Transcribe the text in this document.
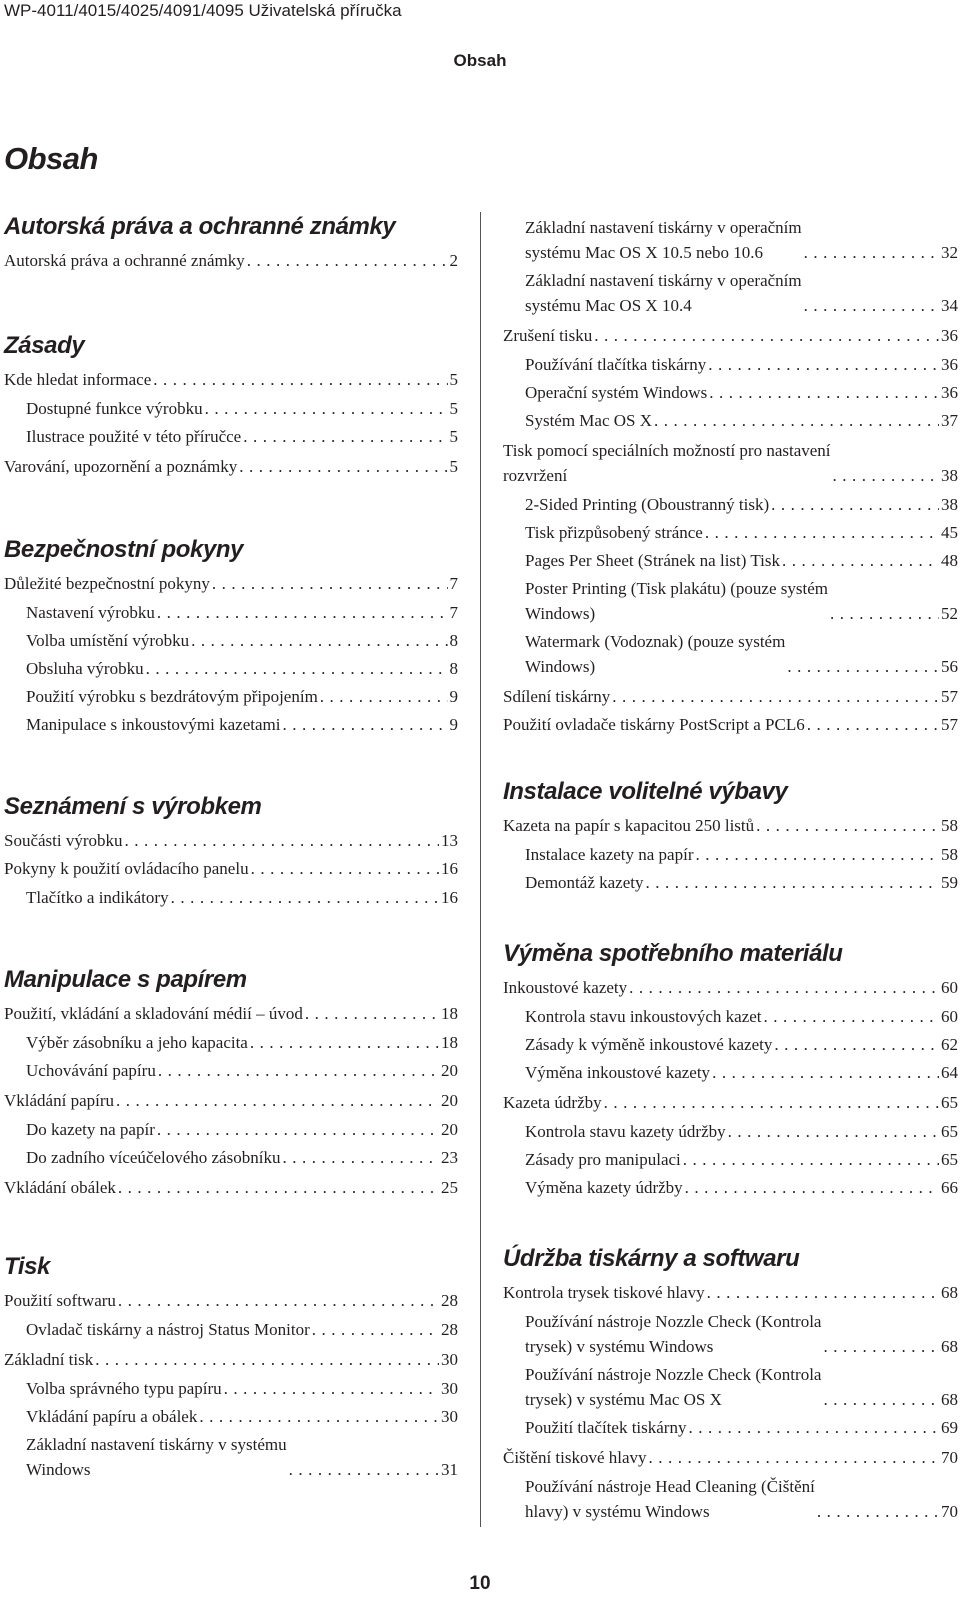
WP-4011/4015/4025/4091/4095 Uživatelská příručka
Obsah
Obsah
Autorská práva a ochranné známky
Autorská práva a ochranné známky .....	2
Zásady
Kde hledat informace .....	5
Dostupné funkce výrobku .....	5
Ilustrace použité v této příručce .....	5
Varování, upozornění a poznámky .....	5
Bezpečnostní pokyny
Důležité bezpečnostní pokyny .....	7
Nastavení výrobku .....	7
Volba umístění výrobku .....	8
Obsluha výrobku .....	8
Použití výrobku s bezdrátovým připojením .....	9
Manipulace s inkoustovými kazetami .....	9
Seznámení s výrobkem
Součásti výrobku .....	13
Pokyny k použití ovládacího panelu .....	16
Tlačítko a indikátory .....	16
Manipulace s papírem
Použití, vkládání a skladování médií – úvod .....	18
Výběr zásobníku a jeho kapacita .....	18
Uchovávání papíru .....	20
Vkládání papíru .....	20
Do kazety na papír .....	20
Do zadního víceúčelového zásobníku .....	23
Vkládání obálek .....	25
Tisk
Použití softwaru .....	28
Ovladač tiskárny a nástroj Status Monitor .....	28
Základní tisk .....	30
Volba správného typu papíru .....	30
Vkládání papíru a obálek .....	30
Základní nastavení tiskárny v systému
Windows .....	31
Základní nastavení tiskárny v operačním
systému Mac OS X 10.5 nebo 10.6 .....	32
Základní nastavení tiskárny v operačním
systému Mac OS X 10.4 .....	34
Zrušení tisku .....	36
Používání tlačítka tiskárny .....	36
Operační systém Windows .....	36
Systém Mac OS X .....	37
Tisk pomocí speciálních možností pro nastavení
rozvržení .....	38
2-Sided Printing (Oboustranný tisk) .....	38
Tisk přizpůsobený stránce .....	45
Pages Per Sheet (Stránek na list) Tisk .....	48
Poster Printing (Tisk plakátu) (pouze systém
Windows) .....	52
Watermark (Vodoznak) (pouze systém
Windows) .....	56
Sdílení tiskárny .....	57
Použití ovladače tiskárny PostScript a PCL6 .....	57
Instalace volitelné výbavy
Kazeta na papír s kapacitou 250 listů .....	58
Instalace kazety na papír .....	58
Demontáž kazety .....	59
Výměna spotřebního materiálu
Inkoustové kazety .....	60
Kontrola stavu inkoustových kazet .....	60
Zásady k výměně inkoustové kazety .....	62
Výměna inkoustové kazety .....	64
Kazeta údržby .....	65
Kontrola stavu kazety údržby .....	65
Zásady pro manipulaci .....	65
Výměna kazety údržby .....	66
Údržba tiskárny a softwaru
Kontrola trysek tiskové hlavy .....	68
Používání nástroje Nozzle Check (Kontrola
trysek) v systému Windows .....	68
Používání nástroje Nozzle Check (Kontrola
trysek) v systému Mac OS X .....	68
Použití tlačítek tiskárny .....	69
Čištění tiskové hlavy .....	70
Používání nástroje Head Cleaning (Čištění
hlavy) v systému Windows .....	70
10
